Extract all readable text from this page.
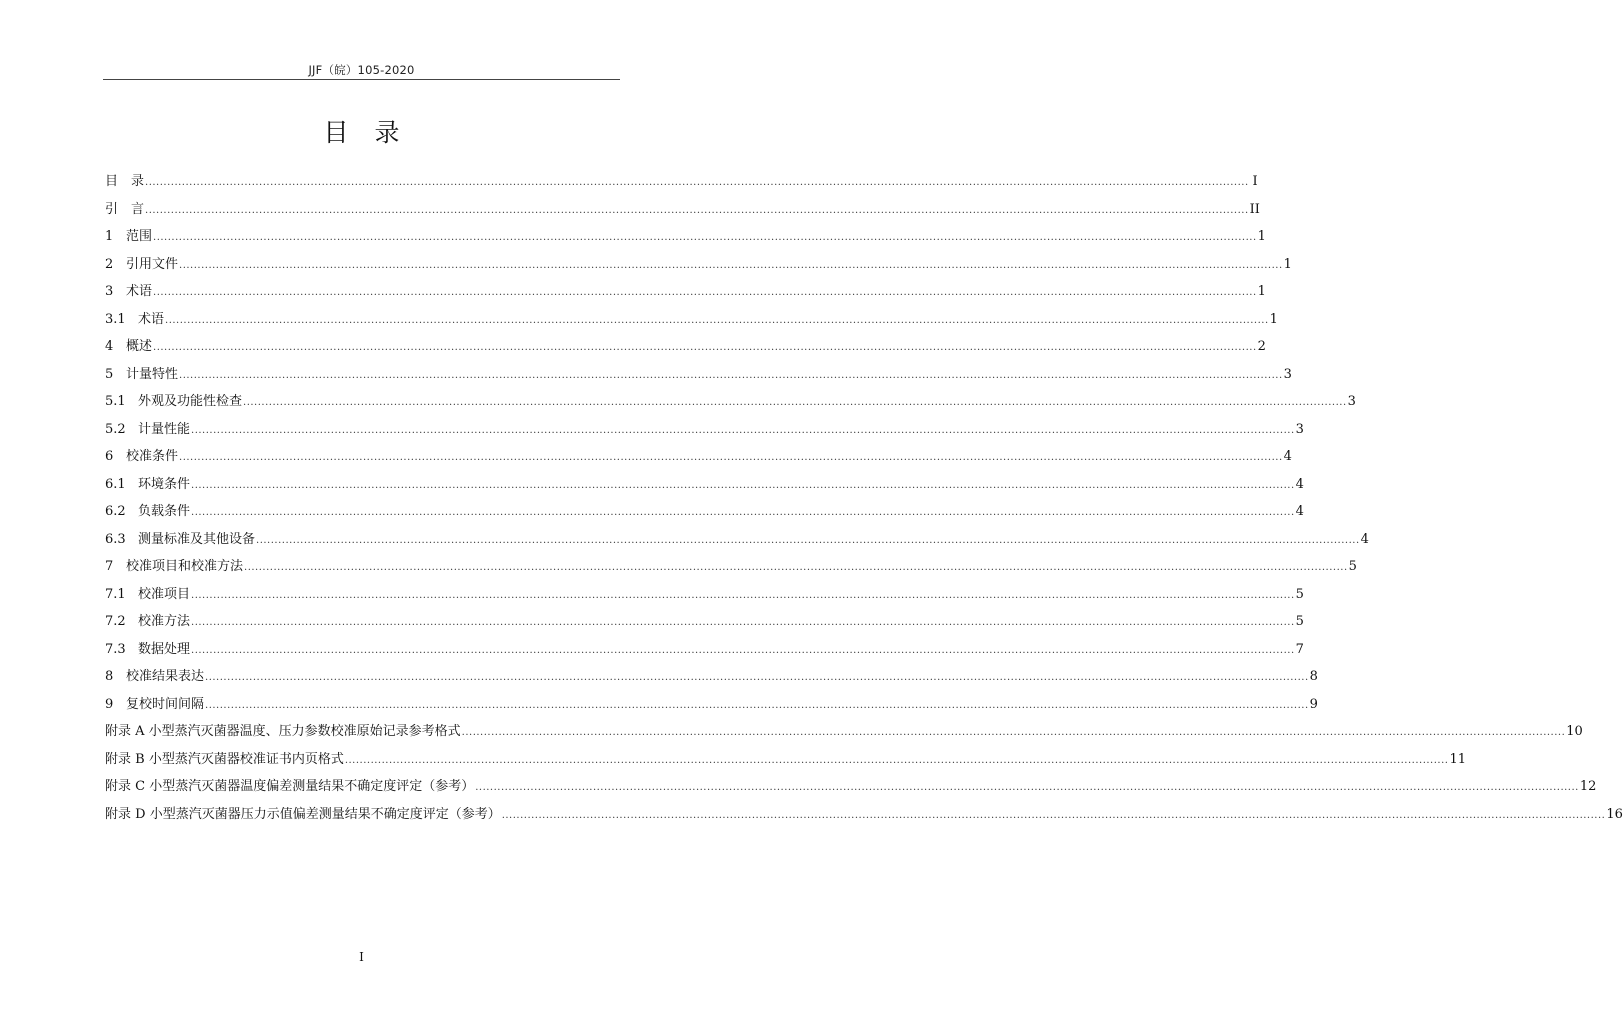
JJF（皖）105-2020
目 录
目　录 ............................................................................................................................................................................................................................................................................................................ I
引　言 ............................................................................................................................................................................................................................................................................................................ II
1 范围 ............................................................................................................................................................................................................................................................................................................ 1
2 引用文件 ............................................................................................................................................................................................................................................................................................................ 1
3 术语 ............................................................................................................................................................................................................................................................................................................ 1
3.1 术语 ............................................................................................................................................................................................................................................................................................................ 1
4 概述 ............................................................................................................................................................................................................................................................................................................ 2
5 计量特性 ............................................................................................................................................................................................................................................................................................................ 3
5.1 外观及功能性检查 ............................................................................................................................................................................................................................................................................................................ 3
5.2 计量性能 ............................................................................................................................................................................................................................................................................................................ 3
6 校准条件 ............................................................................................................................................................................................................................................................................................................ 4
6.1 环境条件 ............................................................................................................................................................................................................................................................................................................ 4
6.2 负载条件 ............................................................................................................................................................................................................................................................................................................ 4
6.3 测量标准及其他设备 ............................................................................................................................................................................................................................................................................................................ 4
7 校准项目和校准方法 ............................................................................................................................................................................................................................................................................................................ 5
7.1 校准项目 ............................................................................................................................................................................................................................................................................................................ 5
7.2 校准方法 ............................................................................................................................................................................................................................................................................................................ 5
7.3 数据处理 ............................................................................................................................................................................................................................................................................................................ 7
8 校准结果表达 ............................................................................................................................................................................................................................................................................................................ 8
9 复校时间间隔 ............................................................................................................................................................................................................................................................................................................ 9
附录 A 小型蒸汽灭菌器温度、压力参数校准原始记录参考格式 ............................................................................................................................................................................................................................................................................................................ 10
附录 B 小型蒸汽灭菌器校准证书内页格式 ............................................................................................................................................................................................................................................................................................................ 11
附录 C 小型蒸汽灭菌器温度偏差测量结果不确定度评定（参考） ............................................................................................................................................................................................................................................................................................................ 12
附录 D 小型蒸汽灭菌器压力示值偏差测量结果不确定度评定（参考） ............................................................................................................................................................................................................................................................................................................ 16
I
